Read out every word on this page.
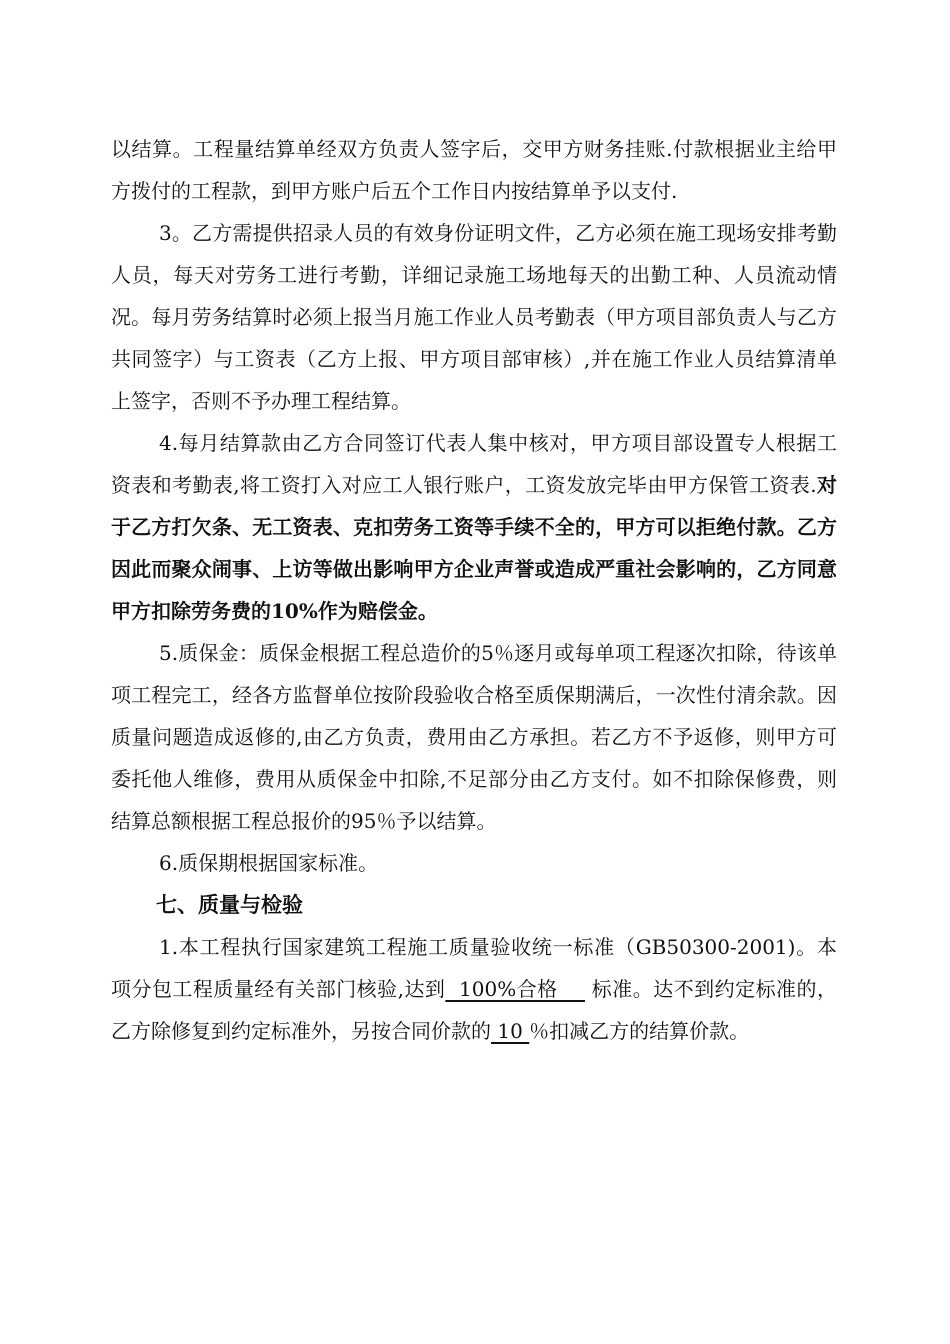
以结算。工程量结算单经双方负责人签字后，交甲方财务挂账.付款根据业主给甲方拨付的工程款，到甲方账户后五个工作日内按结算单予以支付.

3。乙方需提供招录人员的有效身份证明文件，乙方必须在施工现场安排考勤人员，每天对劳务工进行考勤，详细记录施工场地每天的出勤工种、人员流动情况。每月劳务结算时必须上报当月施工作业人员考勤表（甲方项目部负责人与乙方共同签字）与工资表（乙方上报、甲方项目部审核）,并在施工作业人员结算清单上签字，否则不予办理工程结算。

4.每月结算款由乙方合同签订代表人集中核对，甲方项目部设置专人根据工资表和考勤表,将工资打入对应工人银行账户，工资发放完毕由甲方保管工资表.对于乙方打欠条、无工资表、克扣劳务工资等手续不全的，甲方可以拒绝付款。乙方因此而聚众闹事、上访等做出影响甲方企业声誉或造成严重社会影响的，乙方同意甲方扣除劳务费的10%作为赔偿金。

5.质保金：质保金根据工程总造价的5％逐月或每单项工程逐次扣除，待该单项工程完工，经各方监督单位按阶段验收合格至质保期满后，一次性付清余款。因质量问题造成返修的,由乙方负责，费用由乙方承担。若乙方不予返修，则甲方可委托他人维修，费用从质保金中扣除,不足部分由乙方支付。如不扣除保修费，则结算总额根据工程总报价的95％予以结算。

6.质保期根据国家标准。

七、质量与检验

1.本工程执行国家建筑工程施工质量验收统一标准（GB50300-2001)。本项分包工程质量经有关部门核验,达到  100%合格     标准。达不到约定标准的，乙方除修复到约定标准外，另按合同价款的 10 ％扣减乙方的结算价款。
